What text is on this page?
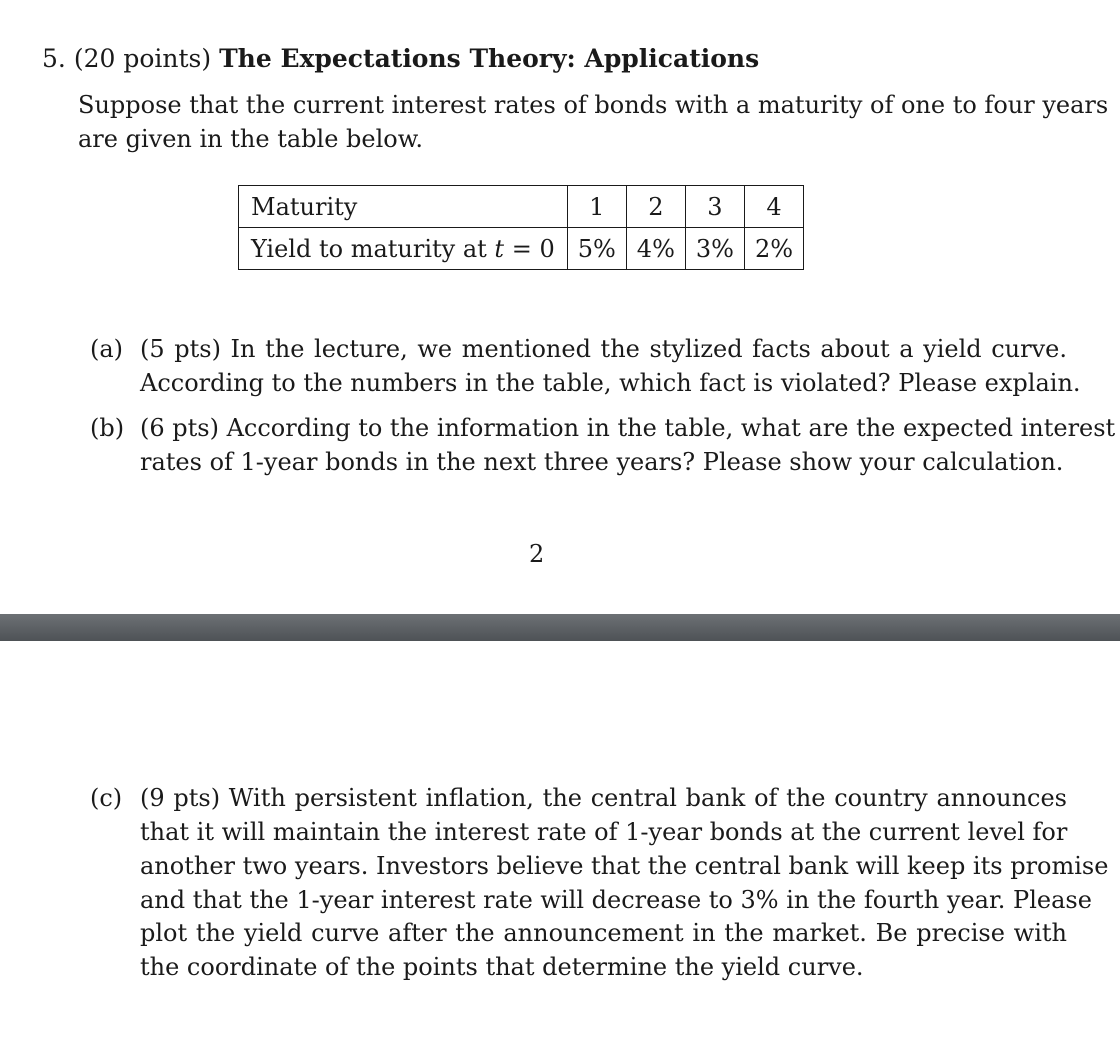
5. (20 points) The Expectations Theory: Applications
Suppose that the current interest rates of bonds with a maturity of one to four years
are given in the table below.
Maturity	1	2	3	4
Yield to maturity at t = 0	5%	4%	3%	2%
(a) (5 pts) In the lecture, we mentioned the stylized facts about a yield curve.
According to the numbers in the table, which fact is violated? Please explain.
(b) (6 pts) According to the information in the table, what are the expected interest
rates of 1-year bonds in the next three years? Please show your calculation.
2
(c) (9 pts) With persistent inflation, the central bank of the country announces
that it will maintain the interest rate of 1-year bonds at the current level for
another two years. Investors believe that the central bank will keep its promise
and that the 1-year interest rate will decrease to 3% in the fourth year. Please
plot the yield curve after the announcement in the market. Be precise with
the coordinate of the points that determine the yield curve.
